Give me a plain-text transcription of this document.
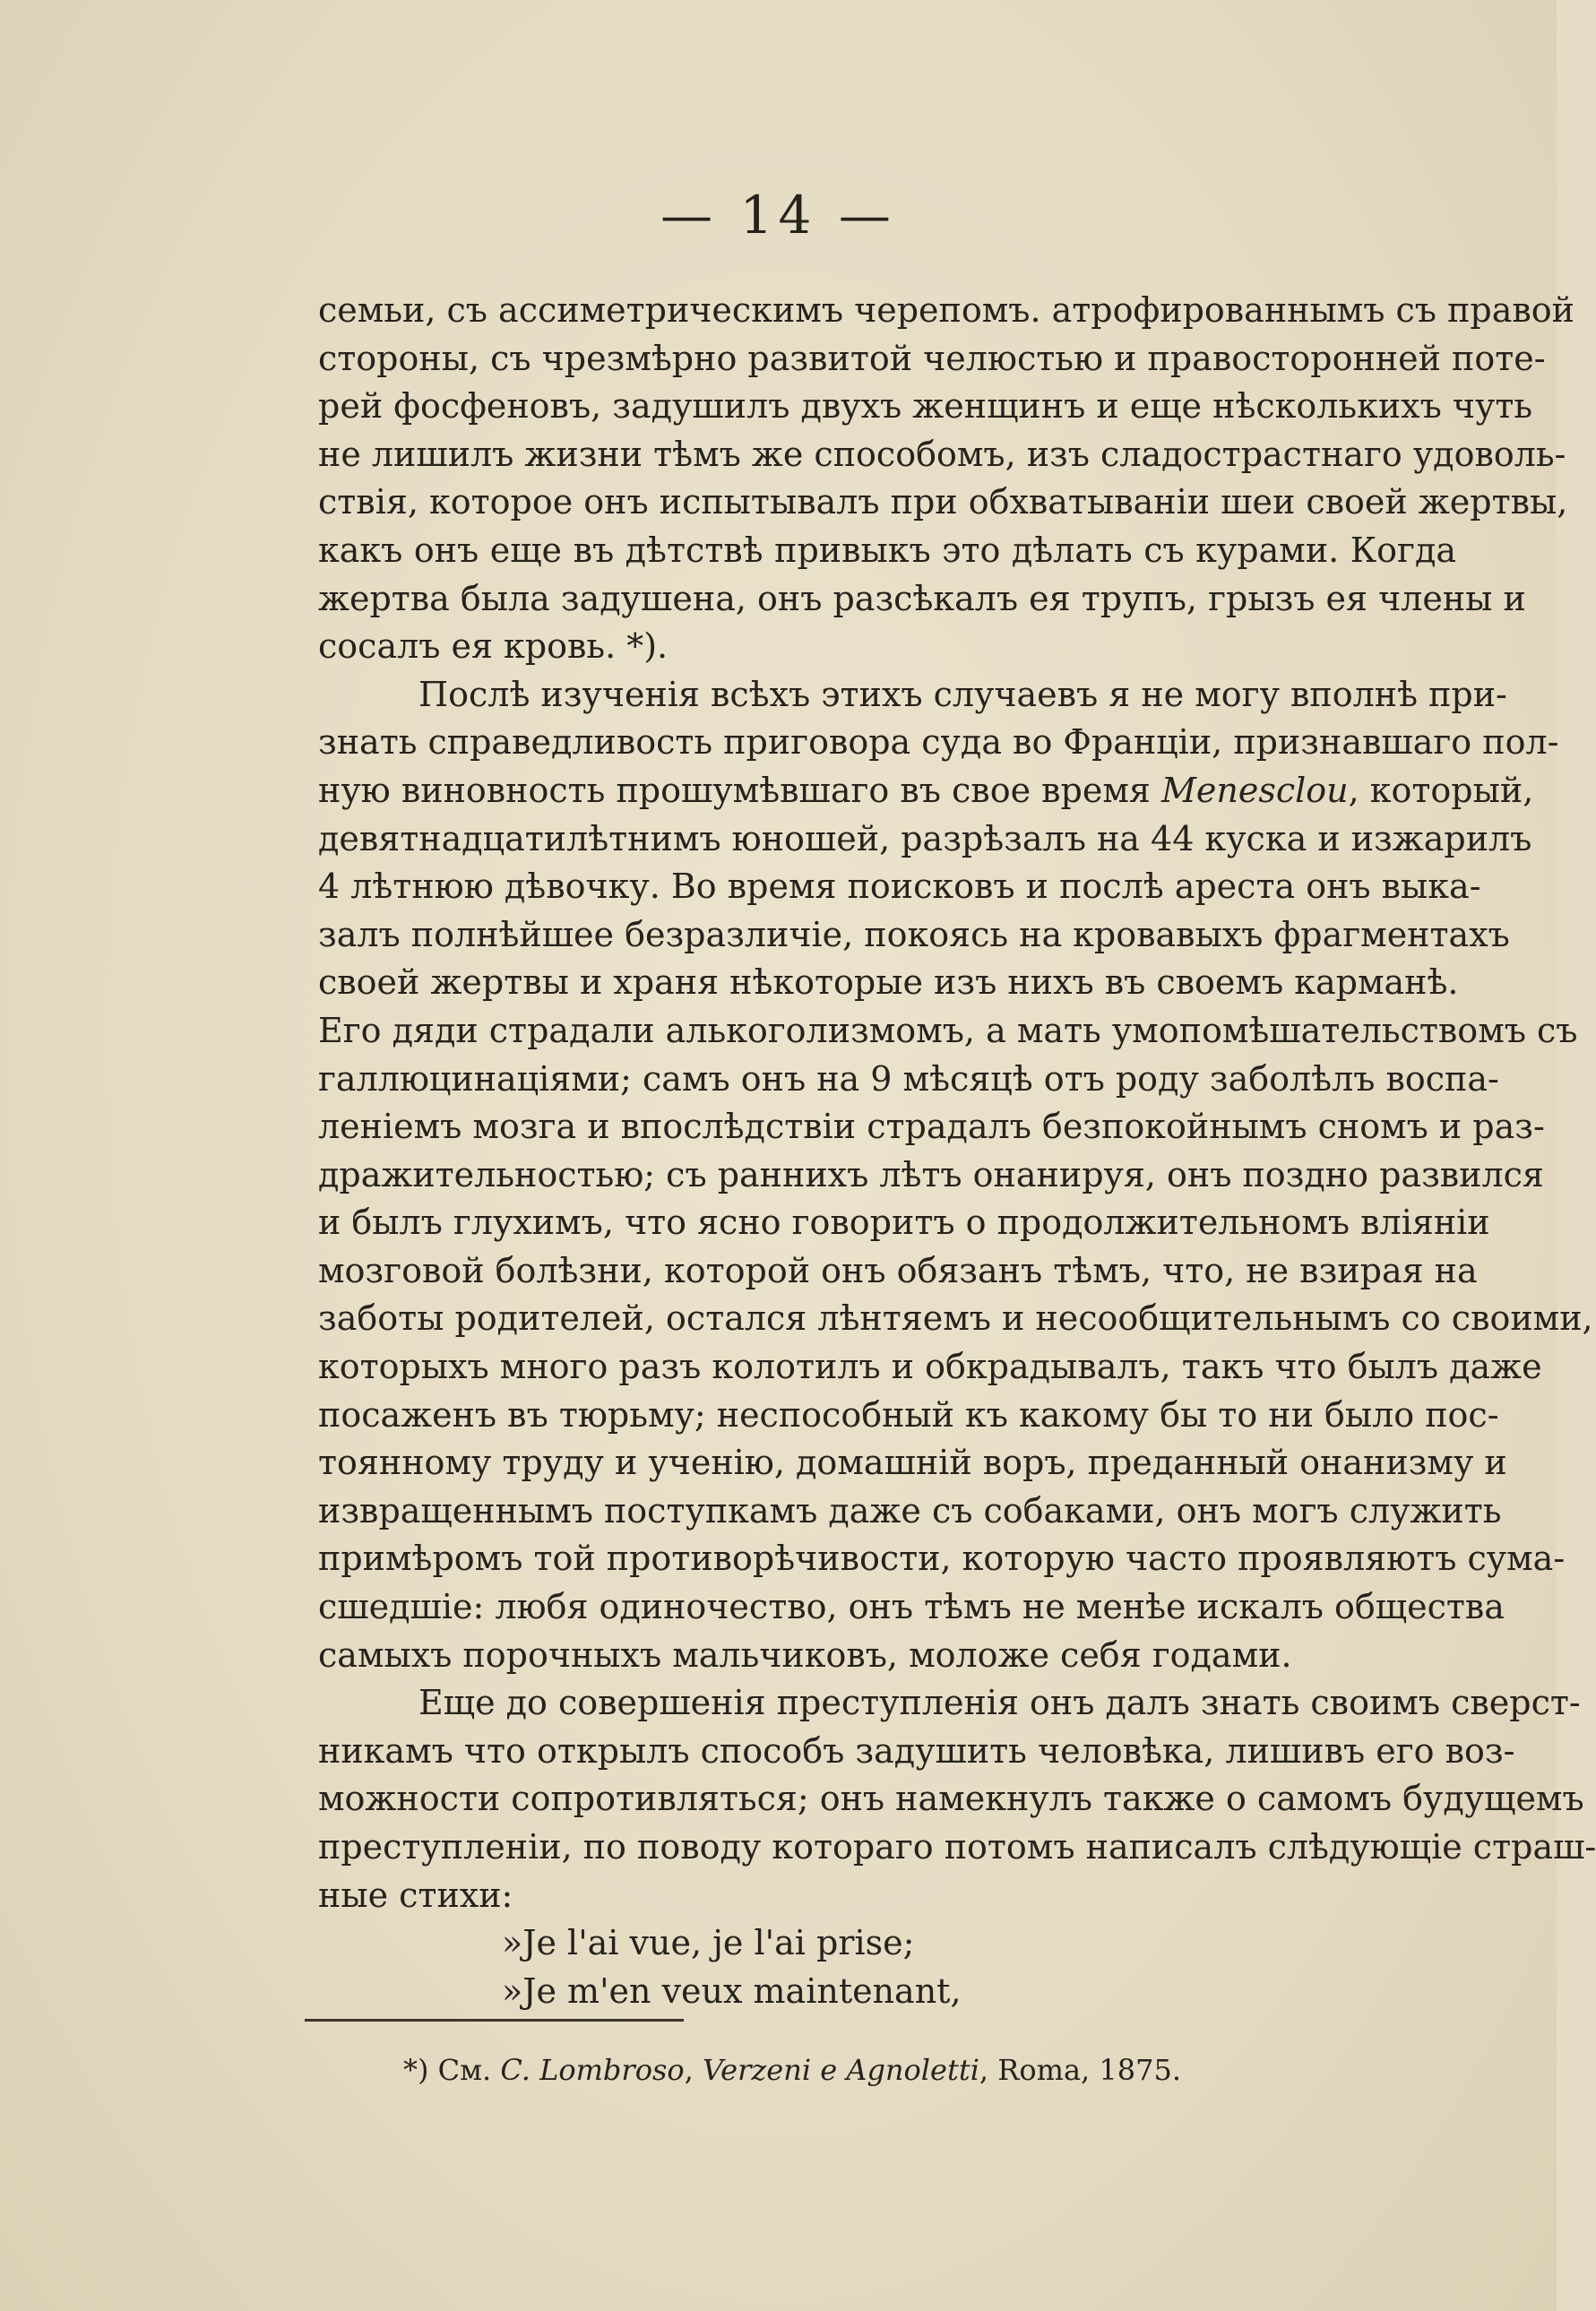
— 14 —
семьи, съ ассиметрическимъ черепомъ. атрофированнымъ съ правой
стороны, съ чрезмѣрно развитой челюстью и правосторонней поте-
рей фосфеновъ, задушилъ двухъ женщинъ и еще нѣсколькихъ чуть
не лишилъ жизни тѣмъ же способомъ, изъ сладострастнаго удоволь-
ствія, которое онъ испытывалъ при обхватываніи шеи своей жертвы,
какъ онъ еще въ дѣтствѣ привыкъ это дѣлать съ курами. Когда
жертва была задушена, онъ разсѣкалъ ея трупъ, грызъ ея члены и
сосалъ ея кровь. *).
Послѣ изученія всѣхъ этихъ случаевъ я не могу вполнѣ при-
знать справедливость приговора суда во Франціи, признавшаго пол-
ную виновность прошумѣвшаго въ свое время Menesclou, который,
девятнадцатилѣтнимъ юношей, разрѣзалъ на 44 куска и изжарилъ
4 лѣтнюю дѣвочку. Во время поисковъ и послѣ ареста онъ выка-
залъ полнѣйшее безразличіе, покоясь на кровавыхъ фрагментахъ
своей жертвы и храня нѣкоторые изъ нихъ въ своемъ карманѣ.
Его дяди страдали алькоголизмомъ, а мать умопомѣшательствомъ съ
галлюцинаціями; самъ онъ на 9 мѣсяцѣ отъ роду заболѣлъ воспа-
леніемъ мозга и впослѣдствіи страдалъ безпокойнымъ сномъ и раз-
дражительностью; съ раннихъ лѣтъ онанируя, онъ поздно развился
и былъ глухимъ, что ясно говоритъ о продолжительномъ вліяніи
мозговой болѣзни, которой онъ обязанъ тѣмъ, что, не взирая на
заботы родителей, остался лѣнтяемъ и несообщительнымъ со своими,
которыхъ много разъ колотилъ и обкрадывалъ, такъ что былъ даже
посаженъ въ тюрьму; неспособный къ какому бы то ни было пос-
тоянному труду и ученію, домашній воръ, преданный онанизму и
извращеннымъ поступкамъ даже съ собаками, онъ могъ служить
примѣромъ той противорѣчивости, которую часто проявляютъ сума-
сшедшіе: любя одиночество, онъ тѣмъ не менѣе искалъ общества
самыхъ порочныхъ мальчиковъ, моложе себя годами.
Еще до совершенія преступленія онъ далъ знать своимъ сверст-
никамъ что открылъ способъ задушить человѣка, лишивъ его воз-
можности сопротивляться; онъ намекнулъ также о самомъ будущемъ
преступленіи, по поводу котораго потомъ написалъ слѣдующіе страш-
ные стихи:
»Je l'ai vue, je l'ai prise;
»Je m'en veux maintenant,
*) См. C. Lombroso, Verzeni e Agnoletti, Roma, 1875.
